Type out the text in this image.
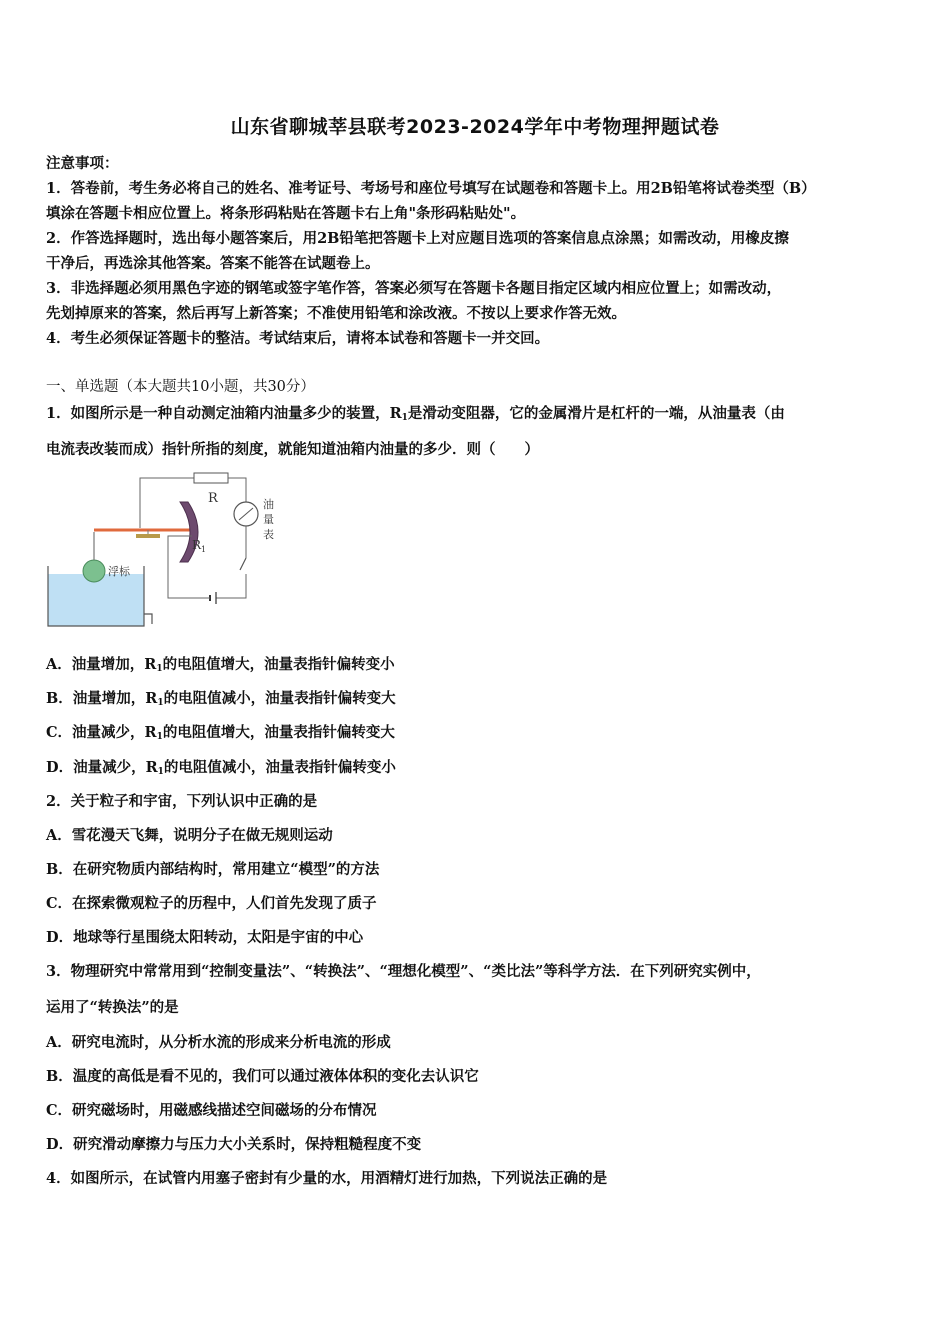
山东省聊城莘县联考2023-2024学年中考物理押题试卷
注意事项：
1．答卷前，考生务必将自己的姓名、准考证号、考场号和座位号填写在试题卷和答题卡上。用2B铅笔将试卷类型（B）
填涂在答题卡相应位置上。将条形码粘贴在答题卡右上角"条形码粘贴处"。
2．作答选择题时，选出每小题答案后，用2B铅笔把答题卡上对应题目选项的答案信息点涂黑；如需改动，用橡皮擦
干净后，再选涂其他答案。答案不能答在试题卷上。
3．非选择题必须用黑色字迹的钢笔或签字笔作答，答案必须写在答题卡各题目指定区域内相应位置上；如需改动，
先划掉原来的答案，然后再写上新答案；不准使用铅笔和涂改液。不按以上要求作答无效。
4．考生必须保证答题卡的整洁。考试结束后，请将本试卷和答题卡一并交回。
一、单选题（本大题共10小题，共30分）
1．如图所示是一种自动测定油箱内油量多少的装置，$R_1$是滑动变阻器，它的金属滑片是杠杆的一端，从油量表（由
电流表改装而成）指针所指的刻度，就能知道油箱内油量的多少．则（　　）
R
$R_1$
油
量
表
浮标
A．油量增加，$R_1$的电阻值增大，油量表指针偏转变小
B．油量增加，$R_1$的电阻值减小，油量表指针偏转变大
C．油量减少，$R_1$的电阻值增大，油量表指针偏转变大
D．油量减少，$R_1$的电阻值减小，油量表指针偏转变小
2．关于粒子和宇宙，下列认识中正确的是
A．雪花漫天飞舞，说明分子在做无规则运动
B．在研究物质内部结构时，常用建立“模型”的方法
C．在探索微观粒子的历程中，人们首先发现了质子
D．地球等行星围绕太阳转动，太阳是宇宙的中心
3．物理研究中常常用到“控制变量法”、“转换法”、“理想化模型”、“类比法”等科学方法．在下列研究实例中，
运用了“转换法”的是
A．研究电流时，从分析水流的形成来分析电流的形成
B．温度的高低是看不见的，我们可以通过液体体积的变化去认识它
C．研究磁场时，用磁感线描述空间磁场的分布情况
D．研究滑动摩擦力与压力大小关系时，保持粗糙程度不变
4．如图所示，在试管内用塞子密封有少量的水，用酒精灯进行加热，下列说法正确的是
